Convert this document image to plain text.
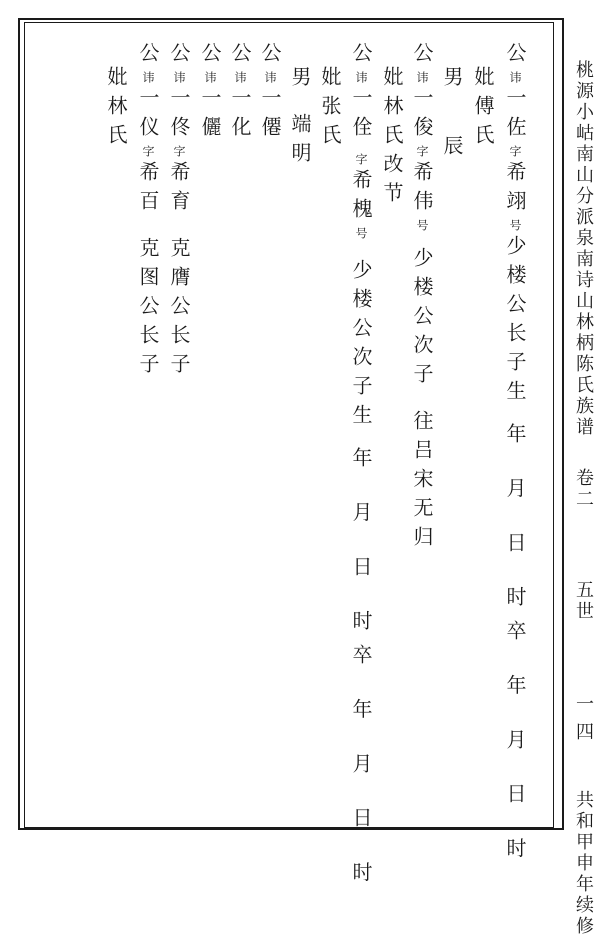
公讳一佐字希翊号少楼公长子生年 月 日 时卒 年 月 日 时
妣傅氏
男辰
公讳一俊字希伟号少楼公次子往吕宋无归
妣林氏改节
公讳一佺字希槐号少楼公次子生年 月 日 时卒 年 月 日 时
妣张氏
男端明
公讳一僊
公讳一化
公讳一儷
公讳一佟字希育克膺公长子
公讳一仪字希百克图公长子
妣林氏	桃源小岵南山分派泉南诗山林柄陈氏族谱卷二五世一四共和甲申年续修
